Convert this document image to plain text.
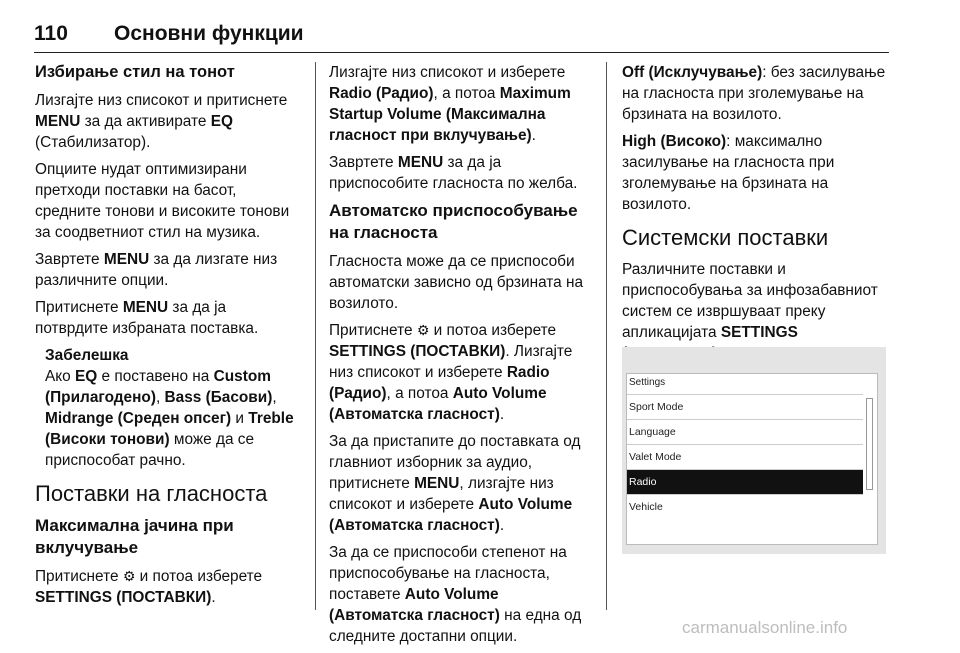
110 Основни функции
Избирање стил на тонот

Лизгајте низ списокот и притиснете MENU за да активирате EQ (Стабилизатор).

Опциите нудат оптимизирани претходи поставки на басот, средните тонови и високите тонови за соодветниот стил на музика.

Завртете MENU за да лизгате низ различните опции.

Притиснете MENU за да ја потврдите избраната поставка.

Забелешка

Ако EQ е поставено на Custom (Прилагодено), Bass (Басови), Midrange (Среден опсег) и Treble (Високи тонови) може да се приспособат рачно.

Поставки на гласноста
Максимална јачина при вклучување

Притиснете ⚙ и потоа изберете SETTINGS (ПОСТАВКИ).

Лизгајте низ списокот и изберете Radio (Радио), а потоа Maximum Startup Volume (Максимална гласност при вклучување).

Завртете MENU за да ја приспособите гласноста по желба.

Автоматско приспособување на гласноста

Гласноста може да се приспособи автоматски зависно од брзината на возилото.

Притиснете ⚙ и потоа изберете SETTINGS (ПОСТАВКИ). Лизгајте низ списокот и изберете Radio (Радио), а потоа Auto Volume (Автоматска гласност).

За да пристапите до поставката од главниот изборник за аудио, притиснете MENU, лизгајте низ списокот и изберете Auto Volume (Автоматска гласност).

За да се приспособи степенот на приспособување на гласноста, поставете Auto Volume (Автоматска гласност) на една од следните достапни опции.

Off (Исклучување): без засилување на гласноста при зголемување на брзината на возилото.

High (Високо): максимално засилување на гласноста при зголемување на брзината на возилото.

Системски поставки

Различните поставки и приспособувања за инфозабавниот систем се извршуваат преку апликацијата SETTINGS

Settings
Sport Mode
Language
Valet Mode
Radio
Vehicle
carmanualsonline.info
